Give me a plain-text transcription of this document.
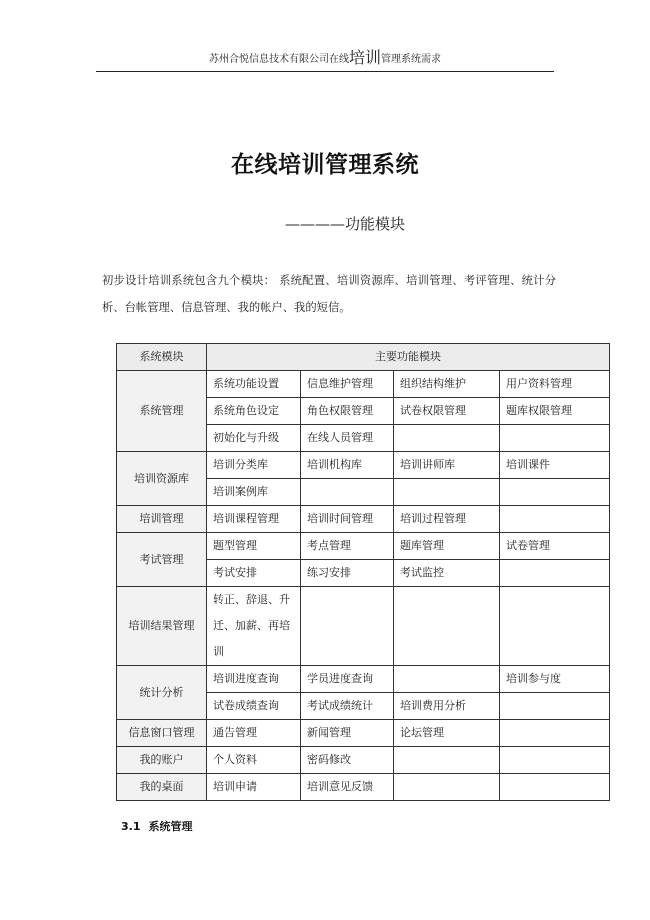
苏州合悦信息技术有限公司在线培训管理系统需求
在线培训管理系统
————功能模块
初步设计培训系统包含九个模块： 系统配置、培训资源库、培训管理、考评管理、统计分析、台帐管理、信息管理、我的帐户、我的短信。
系统模块	主要功能模块			
系统管理	系统功能设置	信息维护管理	组织结构维护	用户资料管理
	系统角色设定	角色权限管理	试卷权限管理	题库权限管理
	初始化与升级	在线人员管理		
培训资源库	培训分类库	培训机构库	培训讲师库	培训课件
	培训案例库			
培训管理	培训课程管理	培训时间管理	培训过程管理	
考试管理	题型管理	考点管理	题库管理	试卷管理
	考试安排	练习安排	考试监控	
培训结果管理	转正、辞退、升迁、加薪、再培训			
统计分析	培训进度查询	学员进度查询		培训参与度
	试卷成绩查询	考试成绩统计	培训费用分析	
信息窗口管理	通告管理	新闻管理	论坛管理	
我的账户	个人资料	密码修改		
我的桌面	培训申请	培训意见反馈		
3.1 系统管理
